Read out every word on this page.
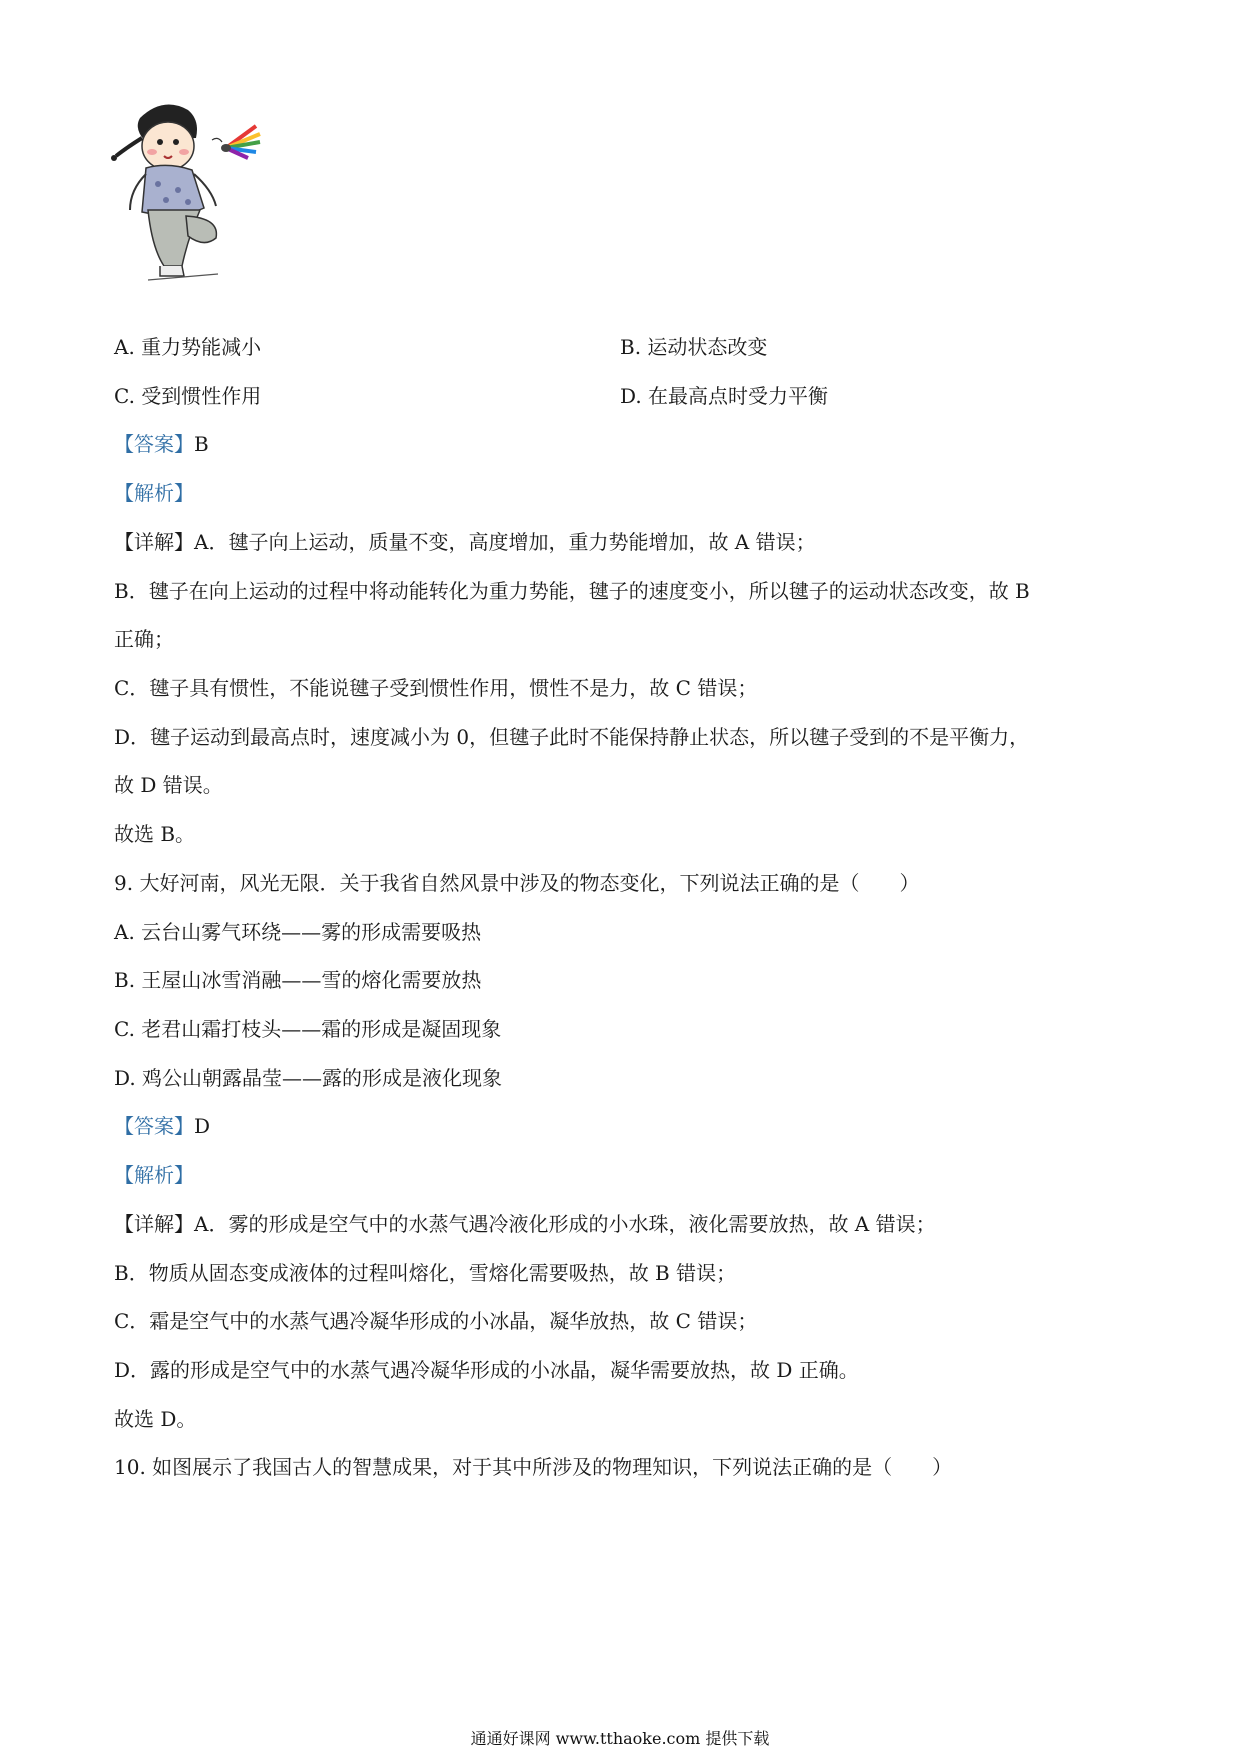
A. 重力势能减小	B. 运动状态改变
C. 受到惯性作用	D. 在最高点时受力平衡
【答案】B
【解析】
【详解】A．毽子向上运动，质量不变，高度增加，重力势能增加，故 A 错误；
B．毽子在向上运动的过程中将动能转化为重力势能，毽子的速度变小，所以毽子的运动状态改变，故 B
正确；
C．毽子具有惯性，不能说毽子受到惯性作用，惯性不是力，故 C 错误；
D．毽子运动到最高点时，速度减小为 0，但毽子此时不能保持静止状态，所以毽子受到的不是平衡力，
故 D 错误。
故选 B。
9. 大好河南，风光无限．关于我省自然风景中涉及的物态变化，下列说法正确的是（　　）
A. 云台山雾气环绕——雾的形成需要吸热
B. 王屋山冰雪消融——雪的熔化需要放热
C. 老君山霜打枝头——霜的形成是凝固现象
D. 鸡公山朝露晶莹——露的形成是液化现象
【答案】D
【解析】
【详解】A．雾的形成是空气中的水蒸气遇冷液化形成的小水珠，液化需要放热，故 A 错误；
B．物质从固态变成液体的过程叫熔化，雪熔化需要吸热，故 B 错误；
C．霜是空气中的水蒸气遇冷凝华形成的小冰晶，凝华放热，故 C 错误；
D．露的形成是空气中的水蒸气遇冷凝华形成的小冰晶，凝华需要放热，故 D 正确。
故选 D。
10. 如图展示了我国古人的智慧成果，对于其中所涉及的物理知识，下列说法正确的是（　　）
通通好课网 www.tthaoke.com 提供下载
